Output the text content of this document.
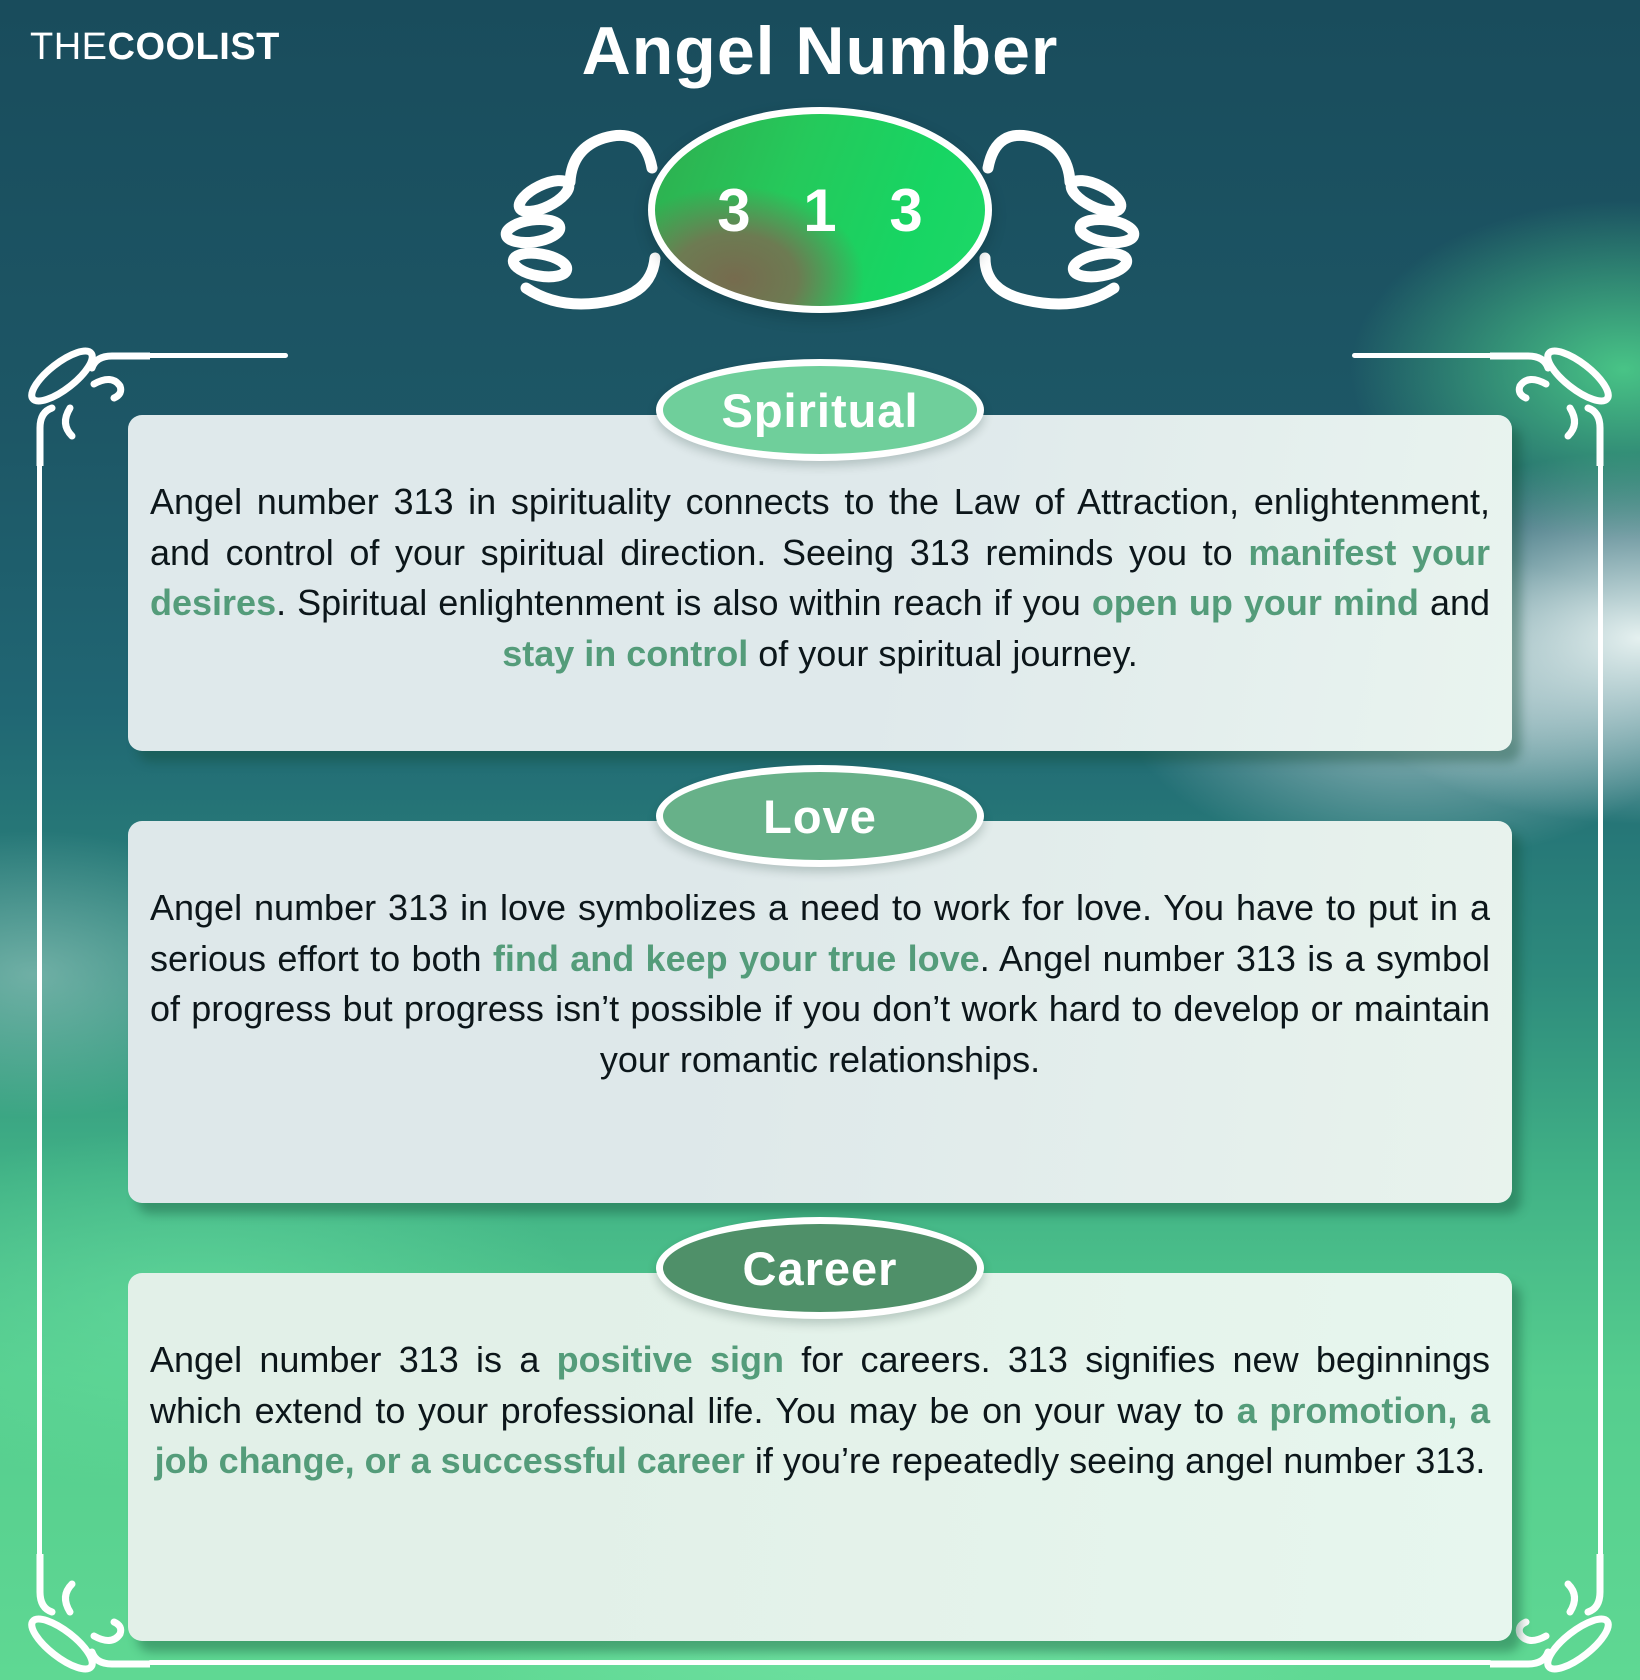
THECOOLIST	Angel Number
3 1 3
Spiritual

Angel number 313 in spirituality connects to the Law of Attraction, enlightenment, and control of your spiritual direction. Seeing 313 reminds you to manifest your desires. Spiritual enlightenment is also within reach if you open up your mind and stay in control of your spiritual journey.

Love

Angel number 313 in love symbolizes a need to work for love. You have to put in a serious effort to both find and keep your true love. Angel number 313 is a symbol of progress but progress isn’t possible if you don’t work hard to develop or maintain your romantic relationships.

Career

Angel number 313 is a positive sign for careers. 313 signifies new beginnings which extend to your professional life. You may be on your way to a promotion, a job change, or a successful career if you’re repeatedly seeing angel number 313.
